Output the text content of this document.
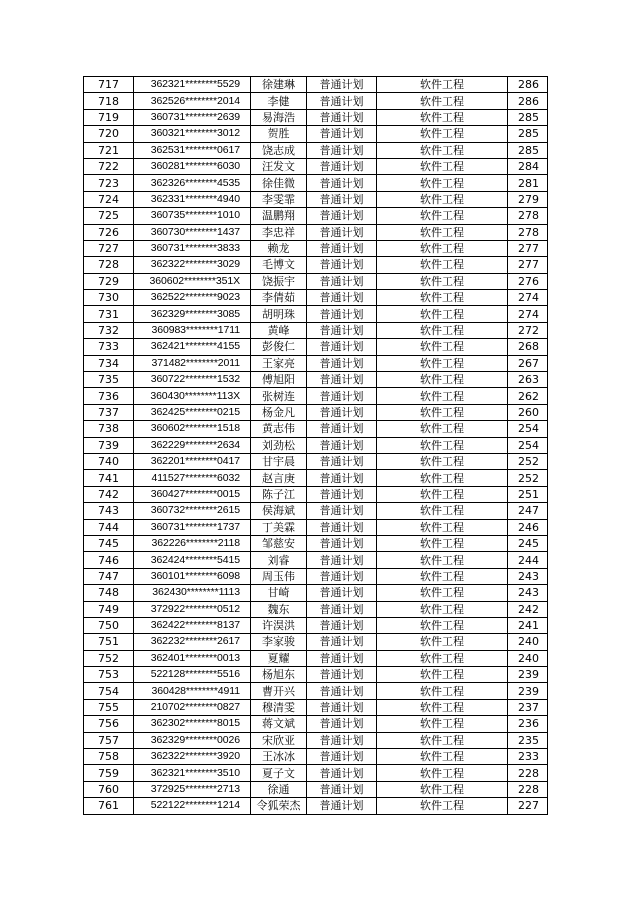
717	362321********5529	徐建琳	普通计划	软件工程	286
718	362526********2014	李健	普通计划	软件工程	286
719	360731********2639	易海浩	普通计划	软件工程	285
720	360321********3012	贺胜	普通计划	软件工程	285
721	362531********0617	饶志成	普通计划	软件工程	285
722	360281********6030	汪发文	普通计划	软件工程	284
723	362326********4535	徐佳微	普通计划	软件工程	281
724	362331********4940	李雯霏	普通计划	软件工程	279
725	360735********1010	温鹏翔	普通计划	软件工程	278
726	360730********1437	李忠祥	普通计划	软件工程	278
727	360731********3833	赖龙	普通计划	软件工程	277
728	362322********3029	毛博文	普通计划	软件工程	277
729	360602********351X	饶振宇	普通计划	软件工程	276
730	362522********9023	李倩茹	普通计划	软件工程	274
731	362329********3085	胡明珠	普通计划	软件工程	274
732	360983********1711	黄峰	普通计划	软件工程	272
733	362421********4155	彭俊仁	普通计划	软件工程	268
734	371482********2011	王家亮	普通计划	软件工程	267
735	360722********1532	傅旭阳	普通计划	软件工程	263
736	360430********113X	张树连	普通计划	软件工程	262
737	362425********0215	杨金凡	普通计划	软件工程	260
738	360602********1518	黄志伟	普通计划	软件工程	254
739	362229********2634	刘劲松	普通计划	软件工程	254
740	362201********0417	甘宇晨	普通计划	软件工程	252
741	411527********6032	赵言庚	普通计划	软件工程	252
742	360427********0015	陈子江	普通计划	软件工程	251
743	360732********2615	侯海斌	普通计划	软件工程	247
744	360731********1737	丁美霖	普通计划	软件工程	246
745	362226********2118	邹慈安	普通计划	软件工程	245
746	362424********5415	刘睿	普通计划	软件工程	244
747	360101********6098	周玉伟	普通计划	软件工程	243
748	362430********1113	甘崎	普通计划	软件工程	243
749	372922********0512	魏东	普通计划	软件工程	242
750	362422********8137	许淏洪	普通计划	软件工程	241
751	362232********2617	李家骏	普通计划	软件工程	240
752	362401********0013	夏耀	普通计划	软件工程	240
753	522128********5516	杨旭东	普通计划	软件工程	239
754	360428********4911	曹开兴	普通计划	软件工程	239
755	210702********0827	穆清雯	普通计划	软件工程	237
756	362302********8015	蒋文斌	普通计划	软件工程	236
757	362329********0026	宋欣亚	普通计划	软件工程	235
758	362322********3920	王冰冰	普通计划	软件工程	233
759	362321********3510	夏子文	普通计划	软件工程	228
760	372925********2713	徐通	普通计划	软件工程	228
761	522122********1214	令狐荣杰	普通计划	软件工程	227
